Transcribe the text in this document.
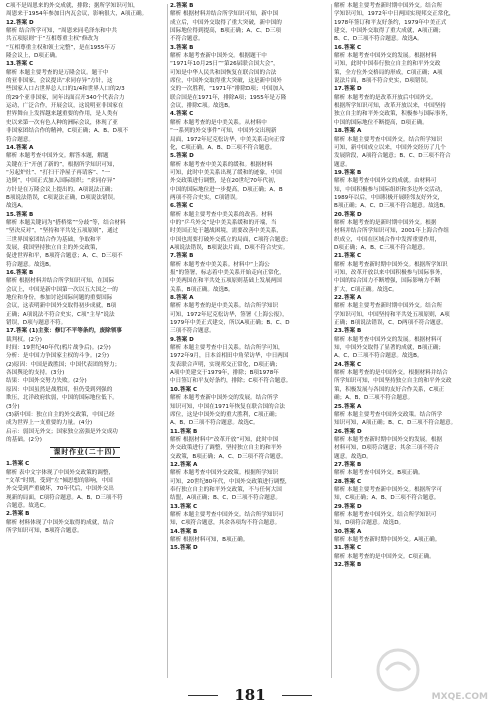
C项不是周恩来的外交成就，排除；据所学知识可知，

周恩来于1954年参加日内瓦会议，影响很大，A项正确。

12.答案 D

解析 结合所学可知，“周恩来同毛泽东和中共

共五项原则”于“互相尊重主权”修改为

“互相尊重主权和领土完整”，是在1955年万

隆会议上，D项正确。

13.答案 C

解析 本题主要考查的是万隆会议。题干中

的亚非国家，会议提出“求同存异”方针，这

些国家人口占世界总人口的1/4和世界人口的2/3

的29个亚非国家，同年出面召开340个代表合力

运动，广泛合作，开展会议，这说明亚非国家在

世界舞台上发挥越来越重要的作用，是人类有

史以来第一次有色人种的洲际会议，体现了亚

非国家团结合作的精神，C项正确；A、B、D项不

符合题意。

14.答案 A

解析 本题考查中国外交。解答本题，解题

关键在于“开创了新的”，根据所学知识可知，

“另起炉灶”、“打扫干净屋子再请客”、“一

边倒”，中国正式加入国际组织；“求同存异”

方针是在万隆会议上提出的，A项说法正确；

B项说法错误，C项说法正确，D项说法错误。

故选A。

15.答案 B

解析 本题关键词为“搭桥梁”“分歧”等，结合材料

“坚决反对”，“坚持和平共处五项原则”，通过

三世界国家团结合作为基础，争取和平

发展，我国坚持独立自主的外交政策，

促进世界和平，B项符合题意；A、C、D三项不

符合题意。故选B。

16.答案 B

解析 根据材料并结合所学知识可知，在国际

会议上，中国是新中国第一次以五大国之一的

地位和身份，参加讨论国际问题的重要国际

会议，这表明新中国外交取得初步成就，B项

正确；A项说法不符合史实，C项“主导”说法

错误，D项与题意不符。

17.答案 (1)主张：修订不平等条约，废除领事

裁判权。(2分)

时间：19世纪40年代(鸦片战争后)。(2分)

分析：是中国力争国家主权的斗争。(2分)

(2)原因：中国是战胜国；中国代表团的努力；

各国舆论的支持。(3分)

结果：中国外交努力失败。(2分)

原因：中国虽然是战胜国，但仍受到列强的

欺压，北洋政府软弱，中国的国际地位低下。

(3分)

(3)新中国：独立自主的外交政策，中国已经

成为世界上一支重要的力量。(4分)

启示：弱国无外交；国家独立富强是外交成功

的基础。(2分)

课时作业(二十四)

1.答案 C

解析 表中文字体现了中国外交政策的调整，

“文革”时期，受到“左”倾思想的影响，中国

外交受到严重破坏，70年代后，中国外交出

现新的局面，C项符合题意。A、B、D三项不符

合题意。故选C。

2.答案 B

解析 材料体现了中国外交取得的成就，结合

所学知识可知，B项符合题意。

2.答案 B

解析 根据材料并结合所学知识可知，新中国

成立后，中国外交取得了重大突破，新中国的

国际地位得到提高，B项正确；A、C、D三项

不符合题意。

3.答案 B

解析 本题考查新中国外交。根据题干中

“1971年10月25日”“第26届联合国大会”，

可知是中华人民共和国恢复在联合国的合法

席位，中国外交取得重大突破，这是新中国外

交的一次胜利，“1971年”排除D项；中国加入

联合国是在1971年，排除A项；1955年是万隆

会议，排除C项。故选B。

4.答案 C

解析 本题考查的是中美关系。从材料中

“一系列的外交事件”可知，中国外交出现新

局面，1972年尼克松访华，中美关系走向正常

化，C项正确。A、B、D三项不符合题意。

5.答案 D

解析 本题考查中美关系的缓和。根据材料

可知，此时中美关系出现了缓和的迹象，中国

外交政策进行调整，是在20世纪70年代初，

中国的国际地位进一步提高，D项正确；A、B

两项不符合史实，C项错误。

6.答案 C

解析 本题主要考查中美关系的改善。材料

中的“乒乓外交”是中美关系缓和的开端，当

时美国正处于越战困境，需要改善中美关系，

中国也需要打破外交孤立的局面，C项符合题意；

A项说法错误，B项说法片面，D项不符合史实。

7.答案 B

解析 本题考查中美关系。材料中“上海公

报”的签署，标志着中美关系开始走向正常化，

中美两国在和平共处五项原则基础上发展两国

关系，B项正确。故选B。

8.答案 A

解析 本题考查的是中美关系。结合所学知识

可知，1972年尼克松访华，签署《上海公报》，

1979年中美正式建交，所以A项正确；B、C、D

三项不符合题意。

9.答案 D

解析 本题主要考查中日关系。结合所学可知，

1972年9月，日本首相田中角荣访华，中日两国

发表联合声明，实现邦交正常化，D项正确；

A项中美建交于1979年，排除；B项1978年

中日签订和平友好条约，排除；C项不符合题意。

10.答案 C

解析 本题考查新中国外交的发展。结合所学

知识可知，中国在1971年恢复在联合国的合法

席位，这是中国外交的重大胜利，C项正确；

A、B、D三项不符合题意。故选C。

11.答案 B

解析 根据材料中“改革开放”可知，此时中国

外交政策进行了调整，坚持独立自主的和平外

交政策，B项正确；A、C、D三项不符合题意。

12.答案 A

解析 本题考查中国外交政策。根据所学知识

可知，20世纪80年代，中国外交政策进行调整，

奉行独立自主的和平外交政策，不与任何大国

结盟，A项正确；B、C、D三项不符合题意。

13.答案 C

解析 本题主要考查中国外交。结合所学知识可

知，C项符合题意，其余各项均不符合题意。

14.答案 B

解析 根据材料可知，B项正确。

15.答案 D

解析 本题主要考查新时期中国外交。结合所

学知识可知，1972年中日两国实现邦交正常化，

1978年签订和平友好条约，1979年中美正式

建交，中国外交取得了重大成就，A项正确；

B、C、D三项不符合题意。故选A。

16.答案 C

解析 本题考查中国外交的发展。根据材料

可知，此时中国奉行独立自主的和平外交政

策，全方位外交格局的形成，C项正确；A项

说法片面，B项不符合史实，D项错误。

17.答案 D

解析 本题考查的是改革开放后中国外交。

根据所学知识可知，改革开放以来，中国坚持

独立自主的和平外交政策，积极参与国际事务，

中国的国际地位不断提高，D项正确。

18.答案 A

解析 本题主要考查中国外交。结合所学知识

可知，新中国成立以来，中国外交经历了几个

发展阶段，A项符合题意；B、C、D三项不符合

题意。

19.答案 B

解析 本题考查中国外交的成就。由材料可

知，中国积极参与国际组织和多边外交活动，

1989年以后，中国积极开展睦邻友好外交，

B项正确；A、C、D三项不符合题意。故选B。

20.答案 D

解析 本题考查的是新时期中国外交。根据

材料并结合所学知识可知，2001年上海合作组

织成立，中国在区域合作中发挥重要作用，

D项正确；A、B、C三项不符合题意。

21.答案 C

解析 本题考查新时期中国外交。根据所学知识

可知，改革开放以来中国积极参与国际事务，

中国的综合国力不断增强，国际影响力不断

扩大，C项正确。故选C。

22.答案 A

解析 本题主要考查新时期中国外交。结合所

学知识可知，中国坚持和平共处五项原则，A项

正确；B项说法错误，C、D两项不符合题意。

23.答案 B

解析 本题考查中国外交的发展。根据材料可

知，中国外交取得了显著的成就，B项正确；

A、C、D三项不符合题意。故选B。

24.答案 C

解析 本题考查的是中国外交。根据材料并结合

所学知识可知，中国坚持独立自主的和平外交政

策，积极发展与各国的友好合作关系，C项正

确；A、B、D三项不符合题意。

25.答案 A

解析 本题主要考查中国外交政策。结合所学

知识可知，A项正确；B、C、D三项不符合题意。

26.答案 D

解析 本题考查新时期中国外交的发展。根据

材料可知，D项符合题意；其余三项不符合

题意。故选D。

27.答案 B

解析 本题考查中国外交。B项正确。

28.答案 C

解析 本题主要考查新中国外交。根据所学可

知，C项正确；A、B、D三项不符合题意。

29.答案 D

解析 本题考查中国外交。结合所学知识可

知，D项符合题意。故选D。

30.答案 A

解析 本题考查新时期中国外交。A项正确。

31.答案 C

解析 本题考查的是中国外交。C项正确。

32.答案 B

181	MXQE.COM
